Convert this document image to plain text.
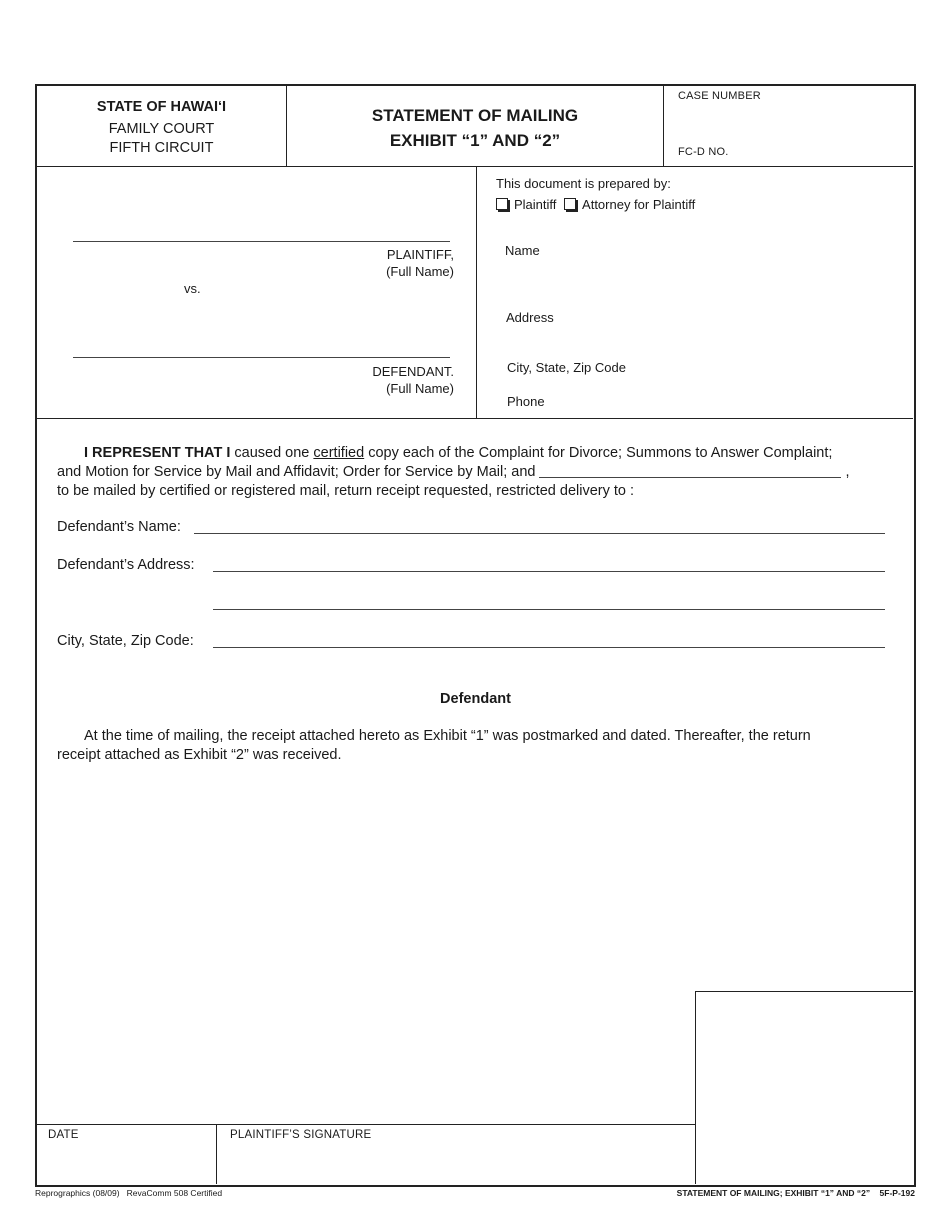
STATE OF HAWAI‘I
FAMILY COURT
FIFTH CIRCUIT
STATEMENT OF MAILING
EXHIBIT “1” AND “2”
CASE NUMBER
FC-D NO.
PLAINTIFF,
(Full Name)
vs.
DEFENDANT.
(Full Name)
This document is prepared by:
Plaintiff Attorney for Plaintiff
Name
Address
City, State, Zip Code
Phone
I REPRESENT THAT I caused one certified copy each of the Complaint for Divorce; Summons to Answer Complaint;
and Motion for Service by Mail and Affidavit; Order for Service by Mail; and	,
to be mailed by certified or registered mail, return receipt requested, restricted delivery to :
Defendant’s Name:
Defendant’s Address:
City, State, Zip Code:
Defendant
At the time of mailing, the receipt attached hereto as Exhibit “1” was postmarked and dated. Thereafter, the return
receipt attached as Exhibit “2” was received.
DATE	PLAINTIFF’S SIGNATURE
Reprographics (08/09)   RevaComm 508 Certified	STATEMENT OF MAILING; EXHIBIT “1” AND “2”    5F-P-192
